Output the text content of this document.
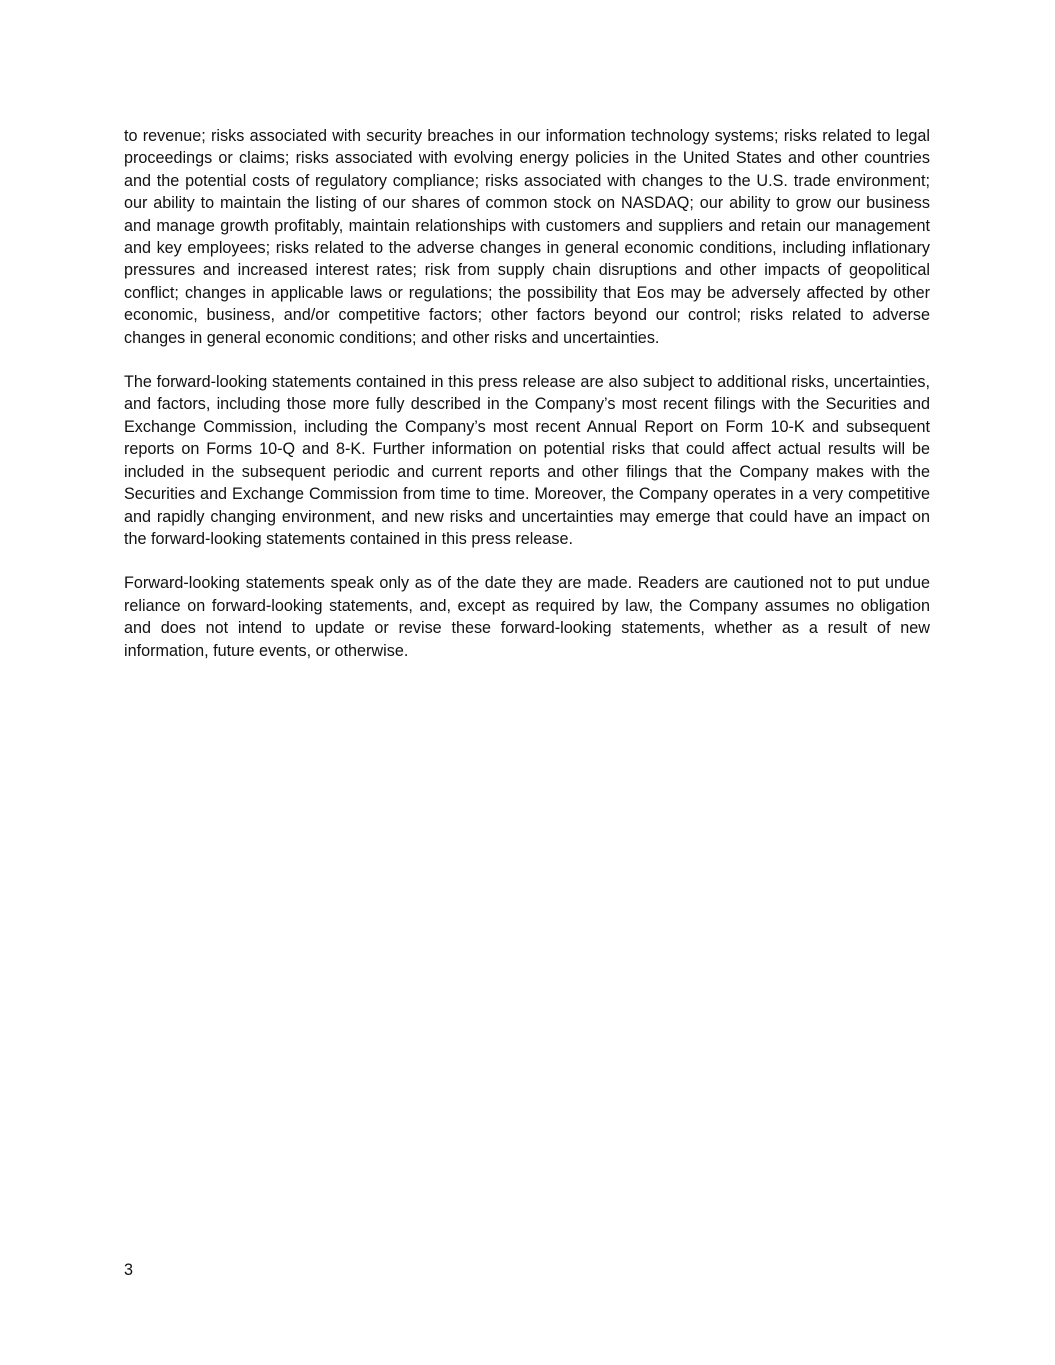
to revenue; risks associated with security breaches in our information technology systems; risks related to legal proceedings or claims; risks associated with evolving energy policies in the United States and other countries and the potential costs of regulatory compliance; risks associated with changes to the U.S. trade environment; our ability to maintain the listing of our shares of common stock on NASDAQ; our ability to grow our business and manage growth profitably, maintain relationships with customers and suppliers and retain our management and key employees; risks related to the adverse changes in general economic conditions, including inflationary pressures and increased interest rates; risk from supply chain disruptions and other impacts of geopolitical conflict; changes in applicable laws or regulations; the possibility that Eos may be adversely affected by other economic, business, and/or competitive factors; other factors beyond our control; risks related to adverse changes in general economic conditions; and other risks and uncertainties.

The forward-looking statements contained in this press release are also subject to additional risks, uncertainties, and factors, including those more fully described in the Company’s most recent filings with the Securities and Exchange Commission, including the Company’s most recent Annual Report on Form 10-K and subsequent reports on Forms 10-Q and 8-K. Further information on potential risks that could affect actual results will be included in the subsequent periodic and current reports and other filings that the Company makes with the Securities and Exchange Commission from time to time. Moreover, the Company operates in a very competitive and rapidly changing environment, and new risks and uncertainties may emerge that could have an impact on the forward-looking statements contained in this press release.

Forward-looking statements speak only as of the date they are made. Readers are cautioned not to put undue reliance on forward-looking statements, and, except as required by law, the Company assumes no obligation and does not intend to update or revise these forward-looking statements, whether as a result of new information, future events, or otherwise.

3
